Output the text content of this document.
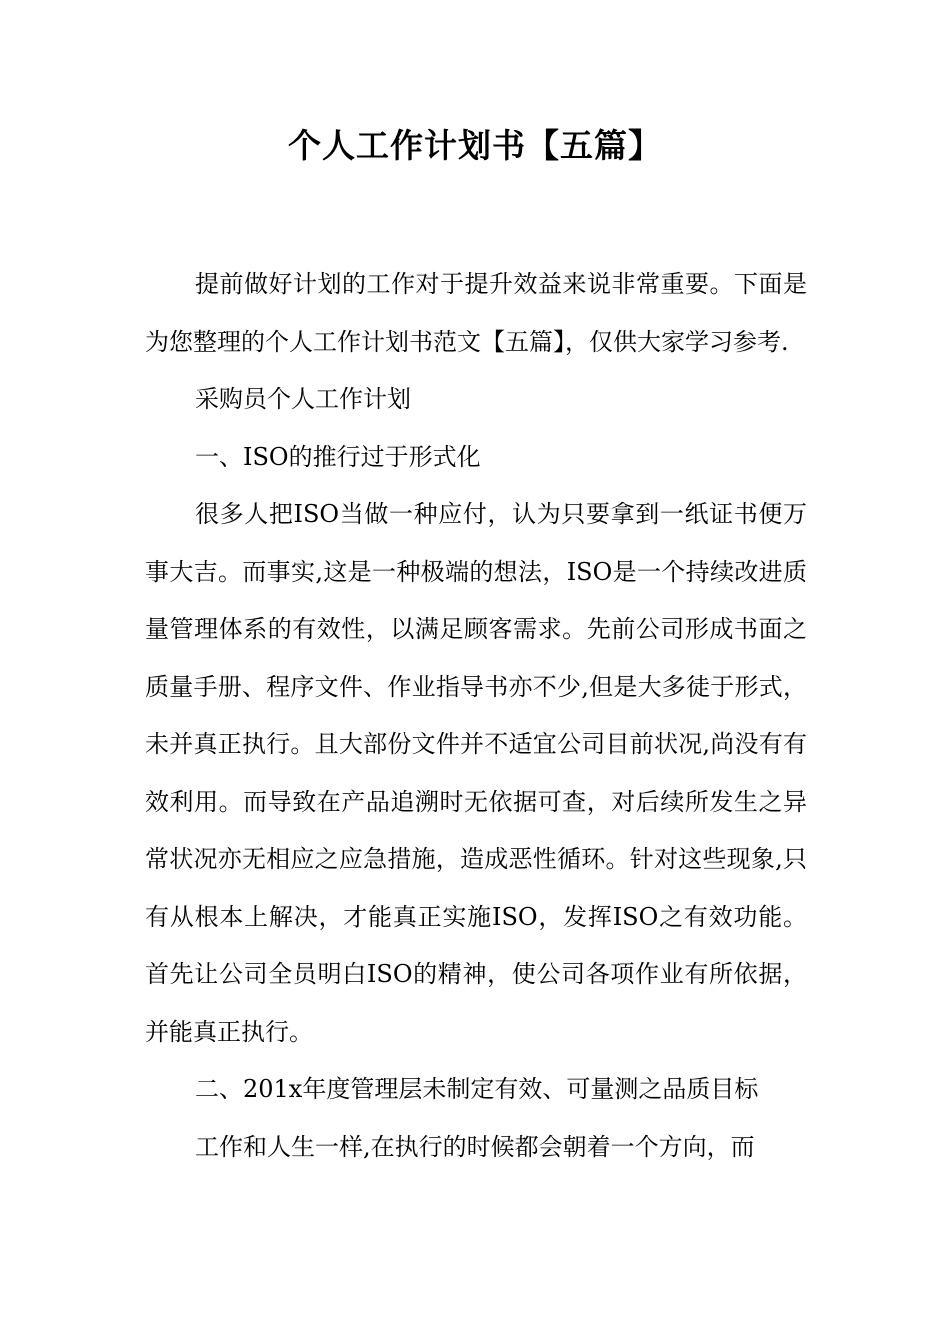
个人工作计划书【五篇】

提前做好计划的工作对于提升效益来说非常重要。下面是为您整理的个人工作计划书范文【五篇】，仅供大家学习参考.

采购员个人工作计划

一、ISO的推行过于形式化

很多人把ISO当做一种应付，认为只要拿到一纸证书便万事大吉。而事实,这是一种极端的想法，ISO是一个持续改进质量管理体系的有效性，以满足顾客需求。先前公司形成书面之质量手册、程序文件、作业指导书亦不少,但是大多徒于形式，未并真正执行。且大部份文件并不适宜公司目前状况,尚没有有效利用。而导致在产品追溯时无依据可查，对后续所发生之异常状况亦无相应之应急措施，造成恶性循环。针对这些现象,只有从根本上解决，才能真正实施ISO，发挥ISO之有效功能。首先让公司全员明白ISO的精神，使公司各项作业有所依据，并能真正执行。

二、201x年度管理层未制定有效、可量测之品质目标

工作和人生一样,在执行的时候都会朝着一个方向，而
